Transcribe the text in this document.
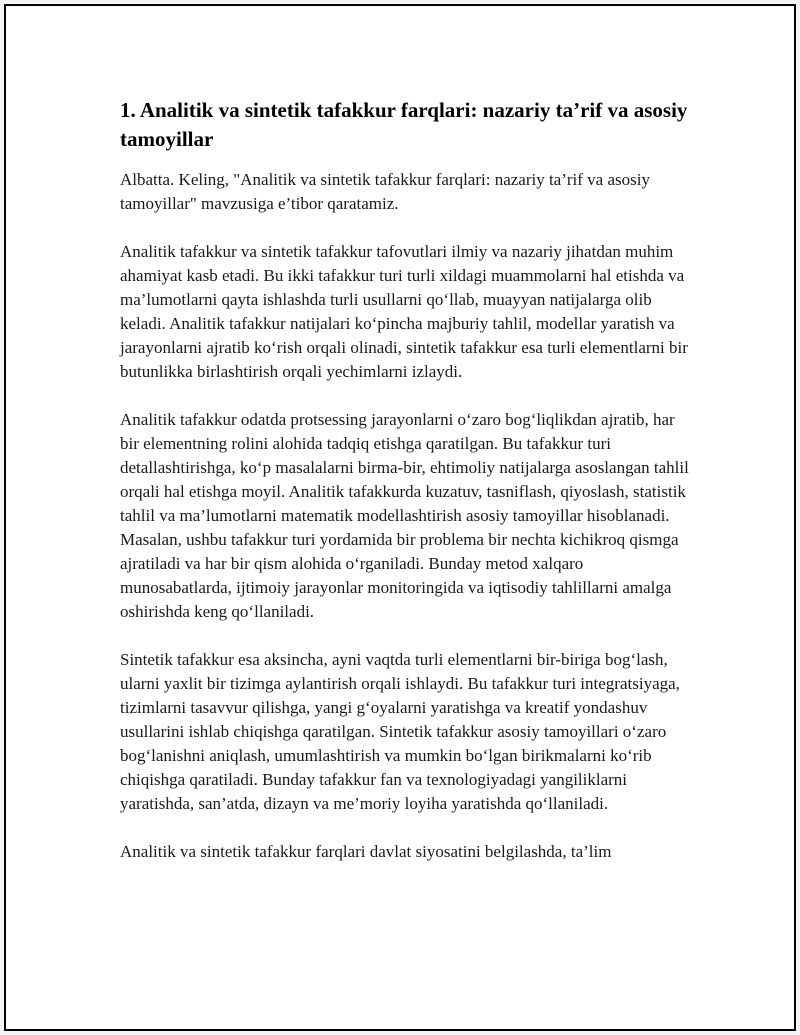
1. Analitik va sintetik tafakkur farqlari: nazariy ta’rif va asosiy tamoyillar

Albatta. Keling, "Analitik va sintetik tafakkur farqlari: nazariy ta’rif va asosiy tamoyillar" mavzusiga e’tibor qaratamiz.

Analitik tafakkur va sintetik tafakkur tafovutlari ilmiy va nazariy jihatdan muhim ahamiyat kasb etadi. Bu ikki tafakkur turi turli xildagi muammolarni hal etishda va ma’lumotlarni qayta ishlashda turli usullarni qo‘llab, muayyan natijalarga olib keladi. Analitik tafakkur natijalari ko‘pincha majburiy tahlil, modellar yaratish va jarayonlarni ajratib ko‘rish orqali olinadi, sintetik tafakkur esa turli elementlarni bir butunlikka birlashtirish orqali yechimlarni izlaydi.

Analitik tafakkur odatda protsessing jarayonlarni o‘zaro bog‘liqlikdan ajratib, har bir elementning rolini alohida tadqiq etishga qaratilgan. Bu tafakkur turi detallashtirishga, ko‘p masalalarni birma-bir, ehtimoliy natijalarga asoslangan tahlil orqali hal etishga moyil. Analitik tafakkurda kuzatuv, tasniflash, qiyoslash, statistik tahlil va ma’lumotlarni matematik modellashtirish asosiy tamoyillar hisoblanadi. Masalan, ushbu tafakkur turi yordamida bir problema bir nechta kichikroq qismga ajratiladi va har bir qism alohida o‘rganiladi. Bunday metod xalqaro munosabatlarda, ijtimoiy jarayonlar monitoringida va iqtisodiy tahlillarni amalga oshirishda keng qo‘llaniladi.

Sintetik tafakkur esa aksincha, ayni vaqtda turli elementlarni bir-biriga bog‘lash, ularni yaxlit bir tizimga aylantirish orqali ishlaydi. Bu tafakkur turi integratsiyaga, tizimlarni tasavvur qilishga, yangi g‘oyalarni yaratishga va kreatif yondashuv usullarini ishlab chiqishga qaratilgan. Sintetik tafakkur asosiy tamoyillari o‘zaro bog‘lanishni aniqlash, umumlashtirish va mumkin bo‘lgan birikmalarni ko‘rib chiqishga qaratiladi. Bunday tafakkur fan va texnologiyadagi yangiliklarni yaratishda, san’atda, dizayn va me’moriy loyiha yaratishda qo‘llaniladi.

Analitik va sintetik tafakkur farqlari davlat siyosatini belgilashda, ta’lim
